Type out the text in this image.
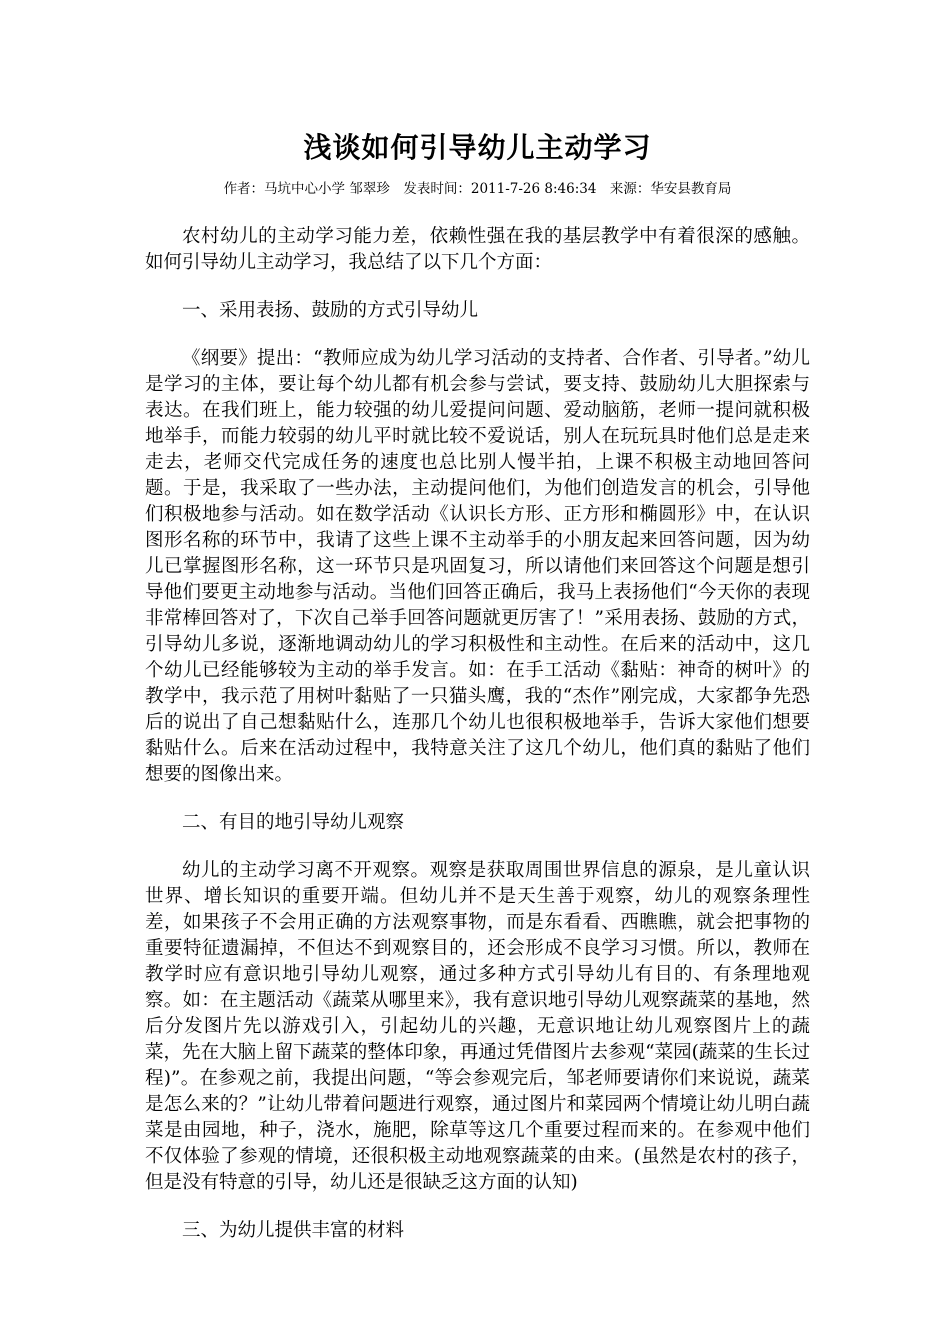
浅谈如何引导幼儿主动学习
作者：马坑中心小学 邹翠珍　发表时间：2011-7-26 8:46:34　来源：华安县教育局

农村幼儿的主动学习能力差，依赖性强在我的基层教学中有着很深的感触。如何引导幼儿主动学习，我总结了以下几个方面：

一、采用表扬、鼓励的方式引导幼儿

《纲要》提出：“教师应成为幼儿学习活动的支持者、合作者、引导者。”幼儿是学习的主体，要让每个幼儿都有机会参与尝试，要支持、鼓励幼儿大胆探索与表达。在我们班上，能力较强的幼儿爱提问问题、爱动脑筋，老师一提问就积极地举手，而能力较弱的幼儿平时就比较不爱说话，别人在玩玩具时他们总是走来走去，老师交代完成任务的速度也总比别人慢半拍，上课不积极主动地回答问题。于是，我采取了一些办法，主动提问他们，为他们创造发言的机会，引导他们积极地参与活动。如在数学活动《认识长方形、正方形和椭圆形》中，在认识图形名称的环节中，我请了这些上课不主动举手的小朋友起来回答问题，因为幼儿已掌握图形名称，这一环节只是巩固复习，所以请他们来回答这个问题是想引导他们要更主动地参与活动。当他们回答正确后，我马上表扬他们“今天你的表现非常棒回答对了，下次自己举手回答问题就更厉害了！”采用表扬、鼓励的方式，引导幼儿多说，逐渐地调动幼儿的学习积极性和主动性。在后来的活动中，这几个幼儿已经能够较为主动的举手发言。如：在手工活动《黏贴：神奇的树叶》的教学中，我示范了用树叶黏贴了一只猫头鹰，我的“杰作”刚完成，大家都争先恐后的说出了自己想黏贴什么，连那几个幼儿也很积极地举手，告诉大家他们想要黏贴什么。后来在活动过程中，我特意关注了这几个幼儿，他们真的黏贴了他们想要的图像出来。

二、有目的地引导幼儿观察

幼儿的主动学习离不开观察。观察是获取周围世界信息的源泉，是儿童认识世界、增长知识的重要开端。但幼儿并不是天生善于观察，幼儿的观察条理性差，如果孩子不会用正确的方法观察事物，而是东看看、西瞧瞧，就会把事物的重要特征遗漏掉，不但达不到观察目的，还会形成不良学习习惯。所以，教师在教学时应有意识地引导幼儿观察，通过多种方式引导幼儿有目的、有条理地观察。如：在主题活动《蔬菜从哪里来》，我有意识地引导幼儿观察蔬菜的基地，然后分发图片先以游戏引入，引起幼儿的兴趣，无意识地让幼儿观察图片上的蔬菜，先在大脑上留下蔬菜的整体印象，再通过凭借图片去参观“菜园(蔬菜的生长过程)”。在参观之前，我提出问题，“等会参观完后，邹老师要请你们来说说，蔬菜是怎么来的？”让幼儿带着问题进行观察，通过图片和菜园两个情境让幼儿明白蔬菜是由园地，种子，浇水，施肥，除草等这几个重要过程而来的。在参观中他们不仅体验了参观的情境，还很积极主动地观察蔬菜的由来。(虽然是农村的孩子，但是没有特意的引导，幼儿还是很缺乏这方面的认知)

三、为幼儿提供丰富的材料
